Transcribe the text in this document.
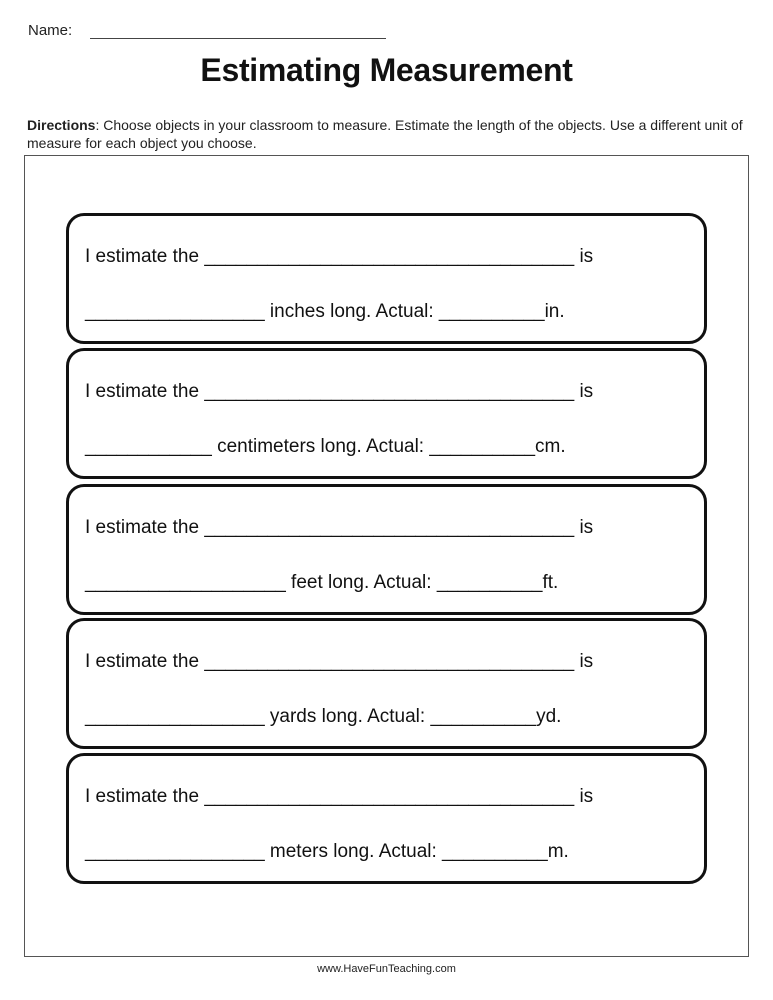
Name:
Estimating Measurement
Directions: Choose objects in your classroom to measure. Estimate the length of the objects. Use a different unit of measure for each object you choose.
I estimate the ___________________________________ is
_________________ inches long. Actual: __________in.
I estimate the ___________________________________ is
____________ centimeters long. Actual: __________cm.
I estimate the ___________________________________ is
___________________ feet long. Actual: __________ft.
I estimate the ___________________________________ is
_________________ yards long. Actual: __________yd.
I estimate the ___________________________________ is
_________________ meters long. Actual: __________m.
www.HaveFunTeaching.com
